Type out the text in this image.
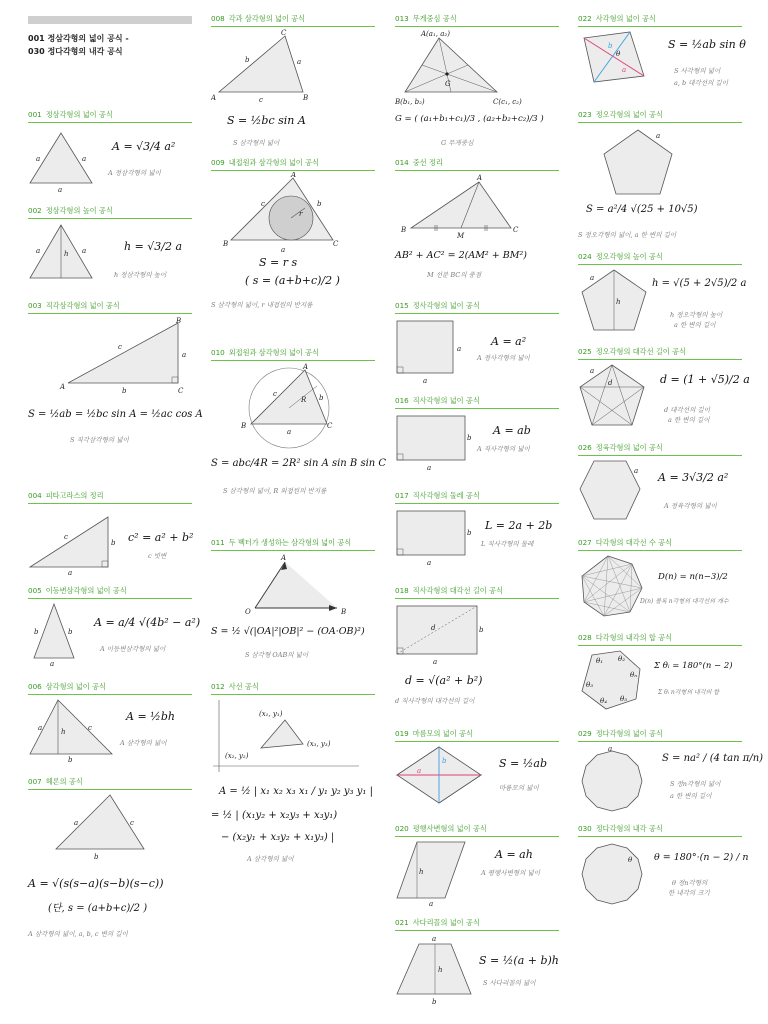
001 정삼각형의 넓이 공식 -
030 정다각형의 내각 공식
001 정삼각형의 넓이 공식
a	a
a
A = √3/4 a²
A 정삼각형의 넓이
002 정삼각형의 높이 공식
a	a
h
h = √3/2 a
h 정삼각형의 높이
003 직각삼각형의 넓이 공식
B
A	C
c
a
b
S = ½ab = ½bc sin A = ½ac cos A
S 직각삼각형의 넓이
004 피타고라스의 정리
c
b
a
c² = a² + b²
c 빗변
005 이등변삼각형의 넓이 공식
b	b
a
A = a/4 √(4b² − a²)
A 이등변삼각형의 넓이
006 삼각형의 넓이 공식
a	c
h
b
A = ½bh
A 삼각형의 넓이
007 헤론의 공식
a	c
b
A = √(s(s−a)(s−b)(s−c))
(단, s = (a+b+c)/2 )
A 삼각형의 넓이, a, b, c 변의 길이
008 각과 삼각형의 넓이 공식
C
A	B
b	a
c
S = ½bc sin A
S 삼각형의 넓이
009 내접원과 삼각형의 넓이 공식
A
B	C
c	b
a
r
S = r s
( s = (a+b+c)/2 )
S 삼각형의 넓이, r 내접원의 반지름
010 외접원과 삼각형의 넓이 공식
A
B	C
c	b
a
R
S = abc/4R = 2R² sin A sin B sin C
S 삼각형의 넓이, R 외접원의 반지름
011 두 벡터가 생성하는 삼각형의 넓이 공식
A
O	B
S = ½ √(|OA|²|OB|² − (OA·OB)²)
S 삼각형 OAB의 넓이
012 사선 공식
(x₁, y₁)
(x₂, y₂)
(x₃, y₃)
A = ½ | x₁ x₂ x₃ x₁ / y₁ y₂ y₃ y₁ |
= ½ | (x₁y₂ + x₂y₃ + x₃y₁)
− (x₂y₁ + x₃y₂ + x₁y₃) |
A 삼각형의 넓이
013 무게중심 공식
A(a₁, a₂)
B(b₁, b₂)	C(c₁, c₂)
G
G = ( (a₁+b₁+c₁)/3 , (a₂+b₂+c₂)/3 )
G 무게중심
014 중선 정리
A
B	C
M
AB² + AC² = 2(AM² + BM²)
M 선분 BC의 중점
015 정사각형의 넓이 공식
a
a
A = a²
A 정사각형의 넓이
016 직사각형의 넓이 공식
b
a
A = ab
A 직사각형의 넓이
017 직사각형의 둘레 공식
b
a
L = 2a + 2b
L 직사각형의 둘레
018 직사각형의 대각선 길이 공식
b
a
d
d = √(a² + b²)
d 직사각형의 대각선의 길이
019 마름모의 넓이 공식
a
b	S = ½ab
마름모의 넓이
020 평행사변형의 넓이 공식
h
a
A = ah
A 평행사변형의 넓이
021 사다리꼴의 넓이 공식
a
h
b
S = ½(a + b)h
S 사다리꼴의 넓이
022 사각형의 넓이 공식
b
θ
a
S = ½ab sin θ
S 사각형의 넓이
a, b 대각선의 길이
023 정오각형의 넓이 공식
a
S = a²/4 √(25 + 10√5)
S 정오각형의 넓이, a 한 변의 길이
024 정오각형의 높이 공식
h
a	h = √(5 + 2√5)/2 a
h 정오각형의 높이
a 한 변의 길이
025 정오각형의 대각선 길이 공식
d
a
d = (1 + √5)/2 a
d 대각선의 길이
a 한 변의 길이
026 정육각형의 넓이 공식
a A = 3√3/2 a²
A 정육각형의 넓이
027 다각형의 대각선 수 공식
D(n) = n(n−3)/2
D(n) 볼록 n각형의 대각선의 개수
028 다각형의 내각의 합 공식
θ₁ θ₂
θₙ
θ₃
θ₄ θ₅
Σ θᵢ = 180°(n − 2)
Σ θᵢ n각형의 내각의 합
029 정다각형의 넓이 공식
a
S = na² / (4 tan π/n)
S 정n각형의 넓이
a 한 변의 길이
030 정다각형의 내각 공식
θ θ = 180°·(n − 2) / n
θ 정n각형의
한 내각의 크기
